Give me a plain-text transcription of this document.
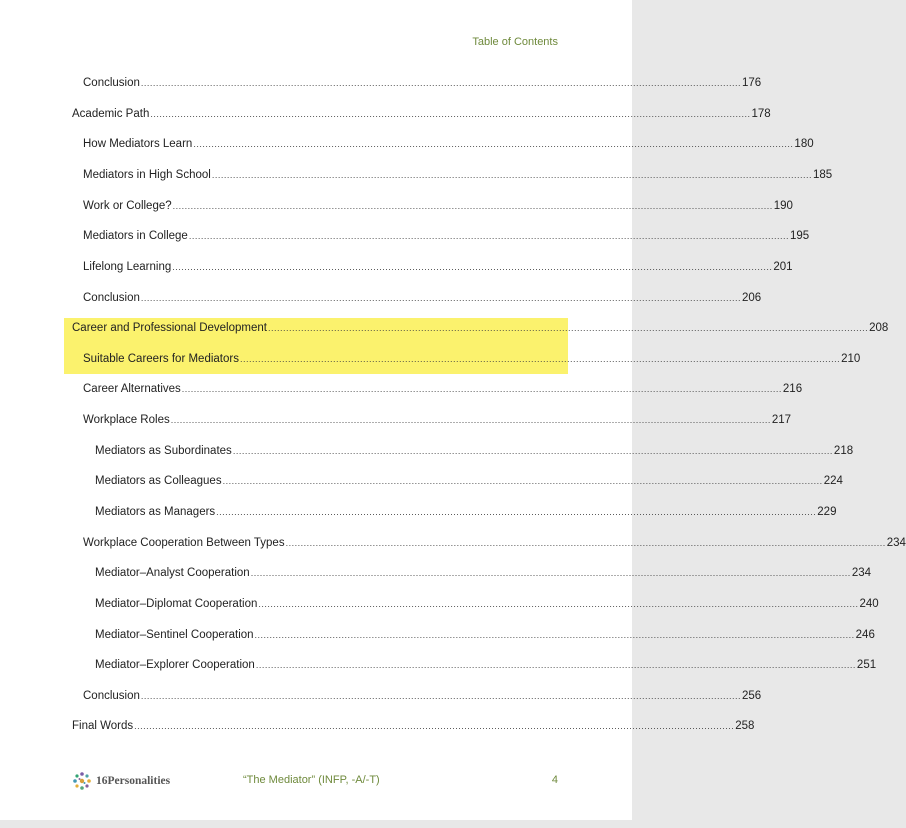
Table of Contents
Conclusion ........................................................................................................................................................................................................ 176
Academic Path ........................................................................................................................................................................................................ 178
How Mediators Learn ........................................................................................................................................................................................................ 180
Mediators in High School ........................................................................................................................................................................................................ 185
Work or College? ........................................................................................................................................................................................................ 190
Mediators in College ........................................................................................................................................................................................................ 195
Lifelong Learning ........................................................................................................................................................................................................ 201
Conclusion ........................................................................................................................................................................................................ 206
Career and Professional Development ........................................................................................................................................................................................................ 208
Suitable Careers for Mediators ........................................................................................................................................................................................................ 210
Career Alternatives ........................................................................................................................................................................................................ 216
Workplace Roles ........................................................................................................................................................................................................ 217
Mediators as Subordinates ........................................................................................................................................................................................................ 218
Mediators as Colleagues ........................................................................................................................................................................................................ 224
Mediators as Managers ........................................................................................................................................................................................................ 229
Workplace Cooperation Between Types ........................................................................................................................................................................................................ 234
Mediator–Analyst Cooperation ........................................................................................................................................................................................................ 234
Mediator–Diplomat Cooperation ........................................................................................................................................................................................................ 240
Mediator–Sentinel Cooperation ........................................................................................................................................................................................................ 246
Mediator–Explorer Cooperation ........................................................................................................................................................................................................ 251
Conclusion ........................................................................................................................................................................................................ 256
Final Words ........................................................................................................................................................................................................ 258
16Personalities	“The Mediator” (INFP, -A/-T)	4
